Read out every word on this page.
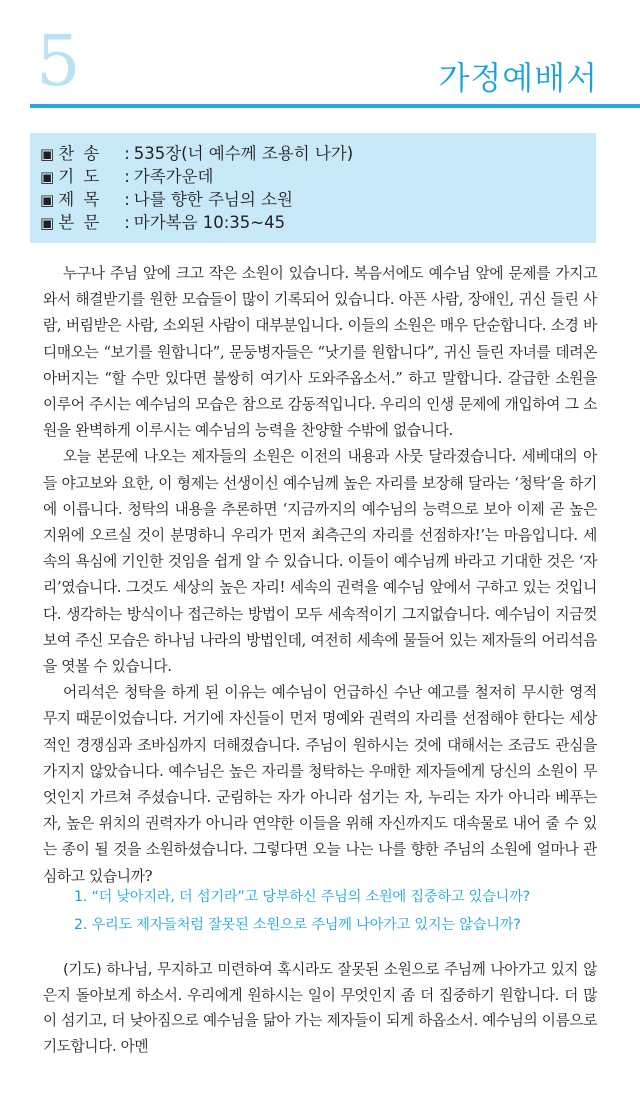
5	가정예배서
▣ 찬 송 : 535장(너 예수께 조용히 나가)
▣ 기 도 : 가족가운데
▣ 제 목 : 나를 향한 주님의 소원
▣ 본 문 : 마가복음 10:35~45

누구나 주님 앞에 크고 작은 소원이 있습니다. 복음서에도 예수님 앞에 문제를 가지고 와서 해결받기를 원한 모습들이 많이 기록되어 있습니다. 아픈 사람, 장애인, 귀신 들린 사람, 버림받은 사람, 소외된 사람이 대부분입니다. 이들의 소원은 매우 단순합니다. 소경 바디매오는 “보기를 원합니다”, 문둥병자들은 “낫기를 원합니다”, 귀신 들린 자녀를 데려온 아버지는 “할 수만 있다면 불쌍히 여기사 도와주옵소서.” 하고 말합니다. 갈급한 소원을 이루어 주시는 예수님의 모습은 참으로 감동적입니다. 우리의 인생 문제에 개입하여 그 소원을 완벽하게 이루시는 예수님의 능력을 찬양할 수밖에 없습니다.

오늘 본문에 나오는 제자들의 소원은 이전의 내용과 사뭇 달라졌습니다. 세베대의 아들 야고보와 요한, 이 형제는 선생이신 예수님께 높은 자리를 보장해 달라는 ‘청탁’을 하기에 이릅니다. 청탁의 내용을 추론하면 ‘지금까지의 예수님의 능력으로 보아 이제 곧 높은 지위에 오르실 것이 분명하니 우리가 먼저 최측근의 자리를 선점하자!’는 마음입니다. 세속의 욕심에 기인한 것임을 쉽게 알 수 있습니다. 이들이 예수님께 바라고 기대한 것은 ‘자리’였습니다. 그것도 세상의 높은 자리! 세속의 권력을 예수님 앞에서 구하고 있는 것입니다. 생각하는 방식이나 접근하는 방법이 모두 세속적이기 그지없습니다. 예수님이 지금껏 보여 주신 모습은 하나님 나라의 방법인데, 여전히 세속에 물들어 있는 제자들의 어리석음을 엿볼 수 있습니다.

어리석은 청탁을 하게 된 이유는 예수님이 언급하신 수난 예고를 철저히 무시한 영적 무지 때문이었습니다. 거기에 자신들이 먼저 명예와 권력의 자리를 선점해야 한다는 세상적인 경쟁심과 조바심까지 더해졌습니다. 주님이 원하시는 것에 대해서는 조금도 관심을 가지지 않았습니다. 예수님은 높은 자리를 청탁하는 우매한 제자들에게 당신의 소원이 무엇인지 가르쳐 주셨습니다. 군림하는 자가 아니라 섬기는 자, 누리는 자가 아니라 베푸는 자, 높은 위치의 권력자가 아니라 연약한 이들을 위해 자신까지도 대속물로 내어 줄 수 있는 종이 될 것을 소원하셨습니다. 그렇다면 오늘 나는 나를 향한 주님의 소원에 얼마나 관심하고 있습니까?

1. “더 낮아지라, 더 섬기라”고 당부하신 주님의 소원에 집중하고 있습니까?
2. 우리도 제자들처럼 잘못된 소원으로 주님께 나아가고 있지는 않습니까?

(기도) 하나님, 무지하고 미련하여 혹시라도 잘못된 소원으로 주님께 나아가고 있지 않은지 돌아보게 하소서. 우리에게 원하시는 일이 무엇인지 좀 더 집중하기 원합니다. 더 많이 섬기고, 더 낮아짐으로 예수님을 닮아 가는 제자들이 되게 하옵소서. 예수님의 이름으로 기도합니다. 아멘
